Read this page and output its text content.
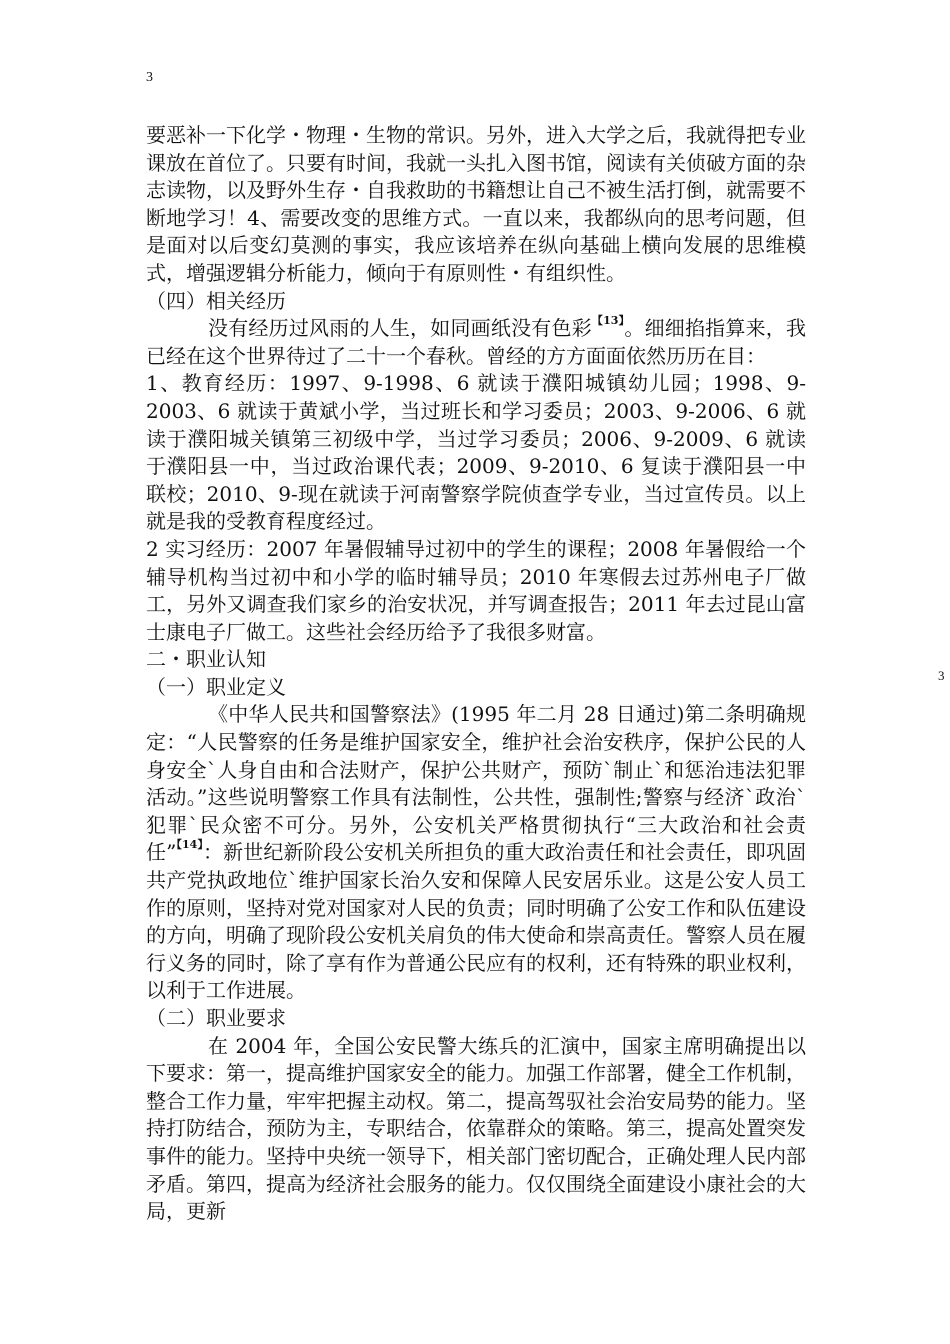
3
3

要恶补一下化学・物理・生物的常识。另外，进入大学之后，我就得把专业课放在首位了。只要有时间，我就一头扎入图书馆，阅读有关侦破方面的杂志读物，以及野外生存・自我救助的书籍想让自己不被生活打倒，就需要不断地学习！4、需要改变的思维方式。一直以来，我都纵向的思考问题，但是面对以后变幻莫测的事实，我应该培养在纵向基础上横向发展的思维模式，增强逻辑分析能力，倾向于有原则性・有组织性。

（四）相关经历

没有经历过风雨的人生，如同画纸没有色彩$^{【13】}$。细细掐指算来，我已经在这个世界待过了二十一个春秋。曾经的方方面面依然历历在目：

1、教育经历：1997、9-1998、6 就读于濮阳城镇幼儿园；1998、9-2003、6 就读于黄斌小学，当过班长和学习委员；2003、9-2006、6 就读于濮阳城关镇第三初级中学，当过学习委员；2006、9-2009、6 就读于濮阳县一中，当过政治课代表；2009、9-2010、6 复读于濮阳县一中联校；2010、9-现在就读于河南警察学院侦查学专业，当过宣传员。以上就是我的受教育程度经过。

2 实习经历：2007 年暑假辅导过初中的学生的课程；2008 年暑假给一个辅导机构当过初中和小学的临时辅导员；2010 年寒假去过苏州电子厂做工，另外又调查我们家乡的治安状况，并写调查报告；2011 年去过昆山富士康电子厂做工。这些社会经历给予了我很多财富。

二・职业认知

（一）职业定义

《中华人民共和国警察法》(1995 年二月 28 日通过)第二条明确规定：“人民警察的任务是维护国家安全，维护社会治安秩序，保护公民的人身安全`人身自由和合法财产，保护公共财产，预防`制止`和惩治违法犯罪活动。”这些说明警察工作具有法制性，公共性，强制性;警察与经济`政治`犯罪`民众密不可分。另外，公安机关严格贯彻执行“三大政治和社会责任”$^{【14】}$：新世纪新阶段公安机关所担负的重大政治责任和社会责任，即巩固共产党执政地位`维护国家长治久安和保障人民安居乐业。这是公安人员工作的原则，坚持对党对国家对人民的负责；同时明确了公安工作和队伍建设的方向，明确了现阶段公安机关肩负的伟大使命和崇高责任。警察人员在履行义务的同时，除了享有作为普通公民应有的权利，还有特殊的职业权利，以利于工作进展。

（二）职业要求

在 2004 年，全国公安民警大练兵的汇演中，国家主席明确提出以下要求：第一，提高维护国家安全的能力。加强工作部署，健全工作机制，整合工作力量，牢牢把握主动权。第二，提高驾驭社会治安局势的能力。坚持打防结合，预防为主，专职结合，依靠群众的策略。第三，提高处置突发事件的能力。坚持中央统一领导下，相关部门密切配合，正确处理人民内部矛盾。第四，提高为经济社会服务的能力。仅仅围绕全面建设小康社会的大局，更新
